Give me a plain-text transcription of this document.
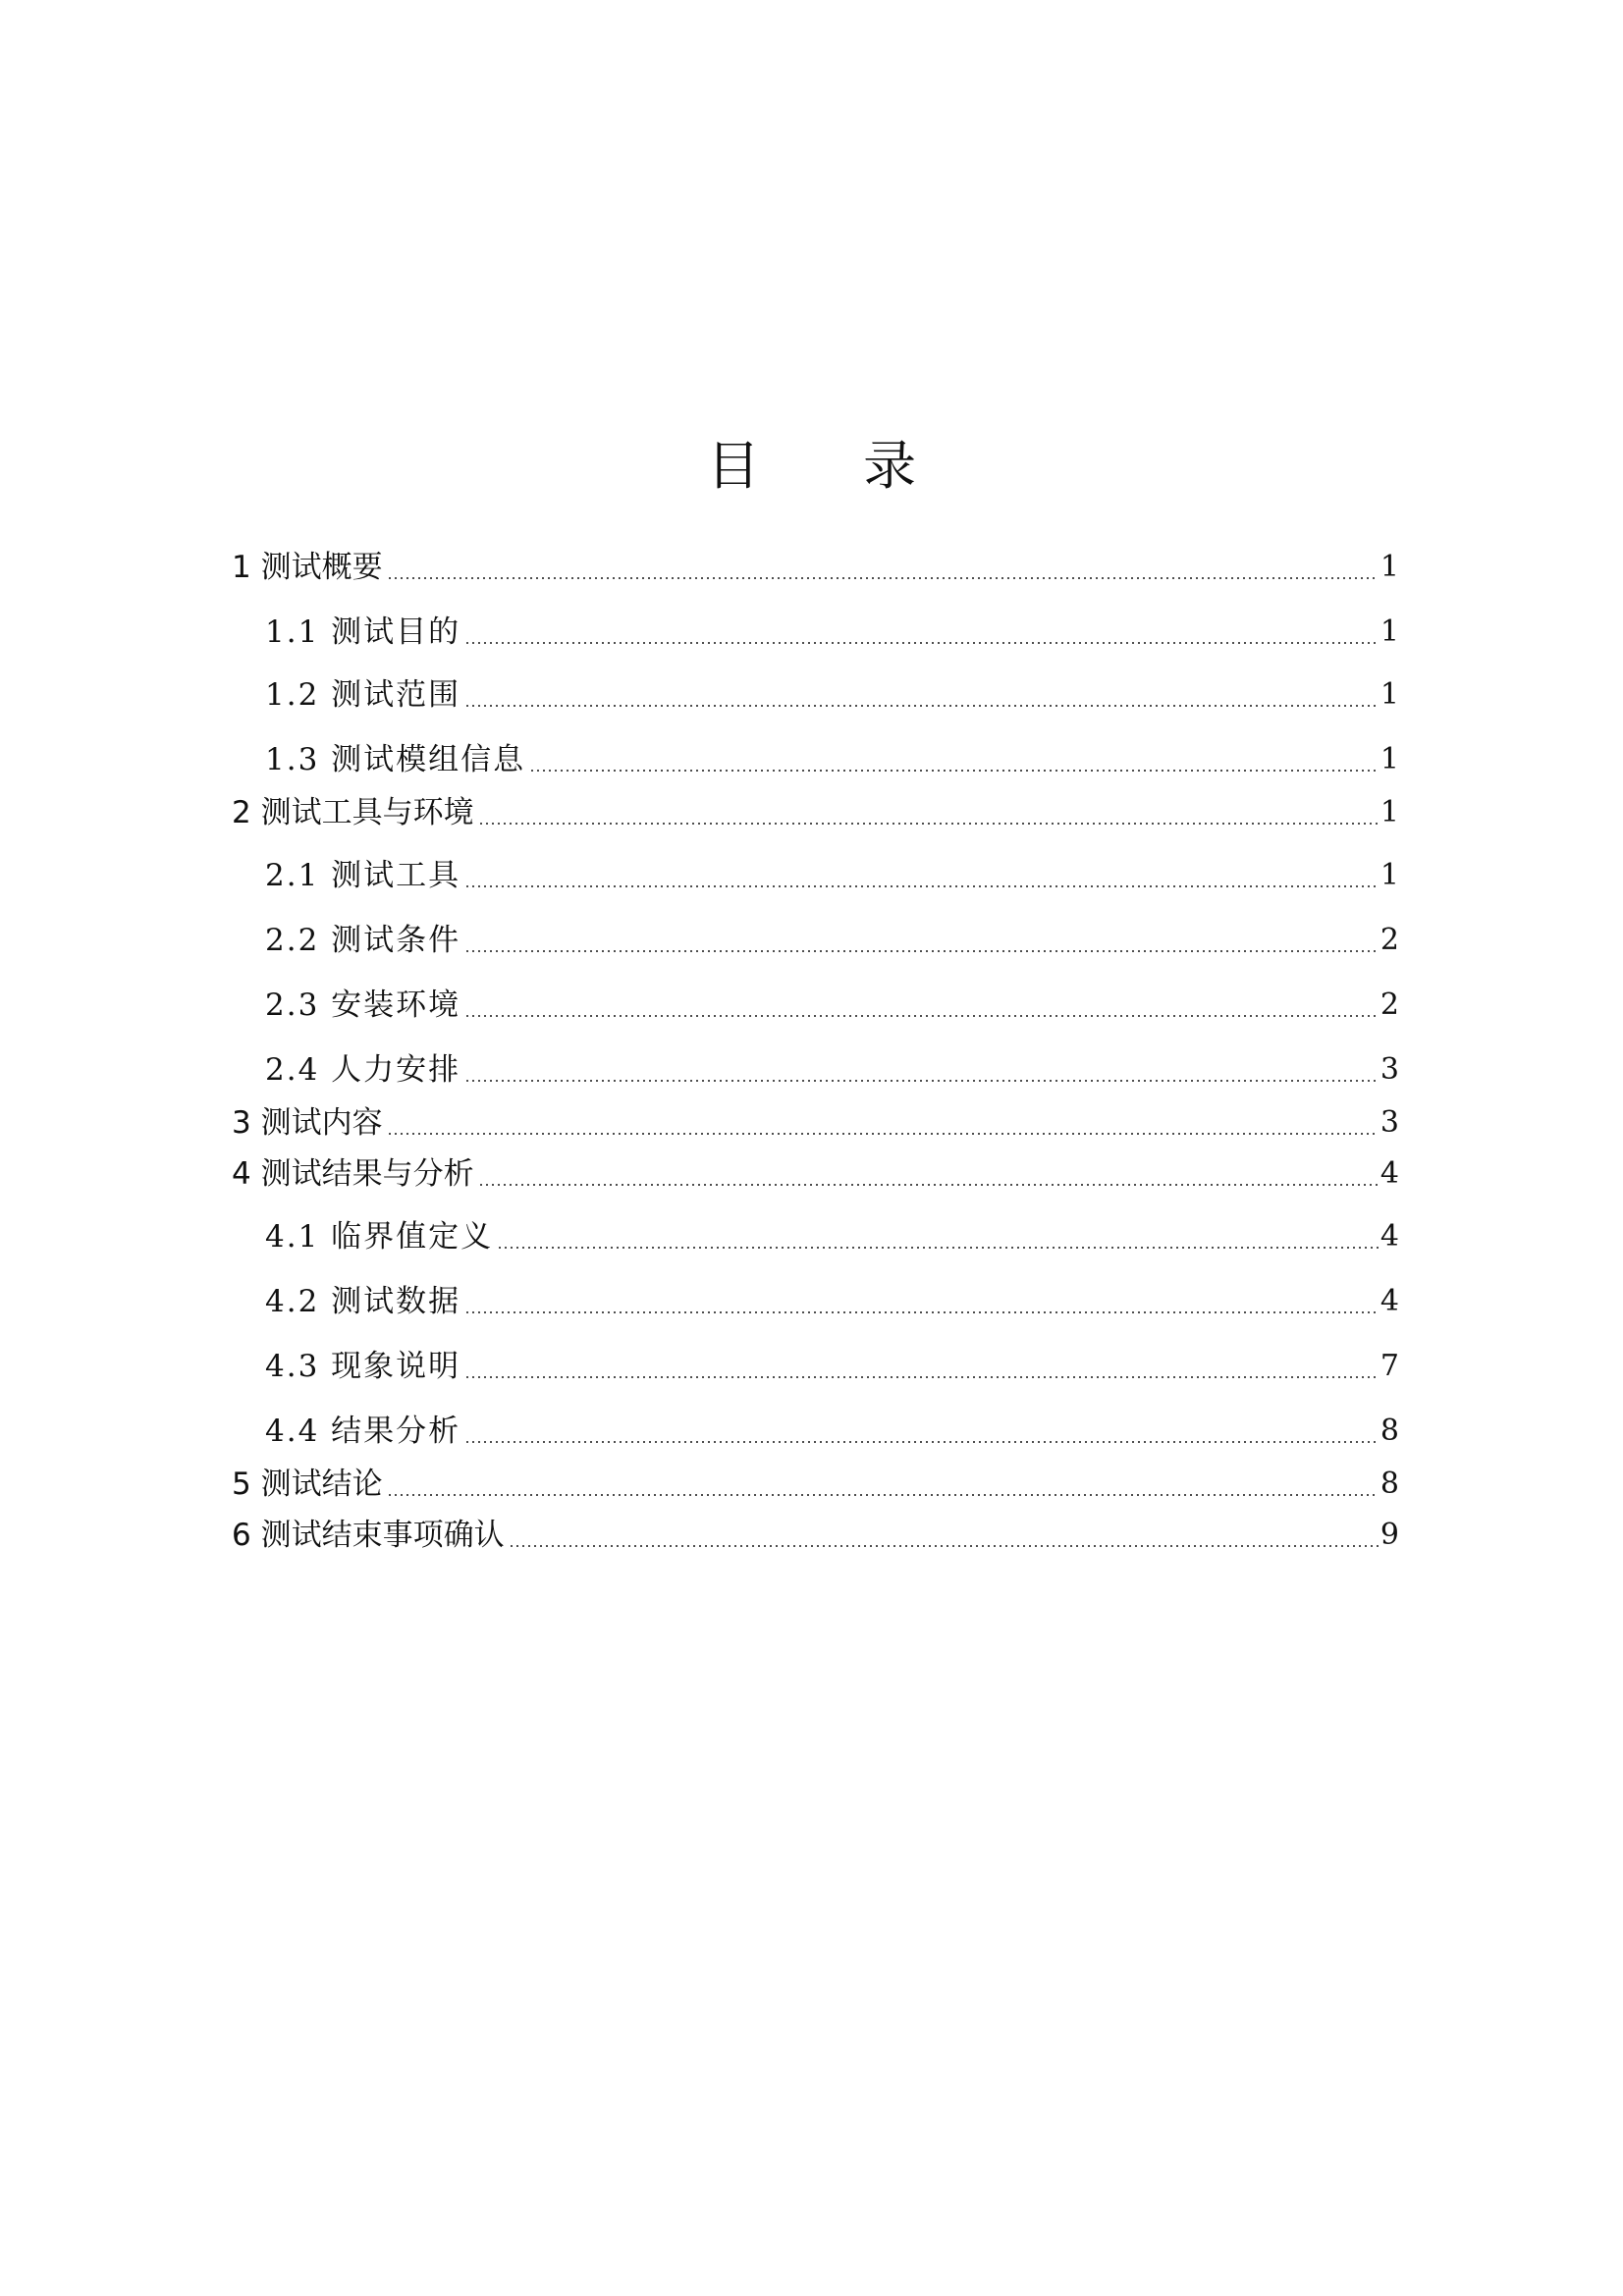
目 录
1 测试概要	1
1.1 测试目的	1
1.2 测试范围	1
1.3 测试模组信息	1
2 测试工具与环境	1
2.1 测试工具	1
2.2 测试条件	2
2.3 安装环境	2
2.4 人力安排	3
3 测试内容	3
4 测试结果与分析	4
4.1 临界值定义	4
4.2 测试数据	4
4.3 现象说明	7
4.4 结果分析	8
5 测试结论	8
6 测试结束事项确认	9
